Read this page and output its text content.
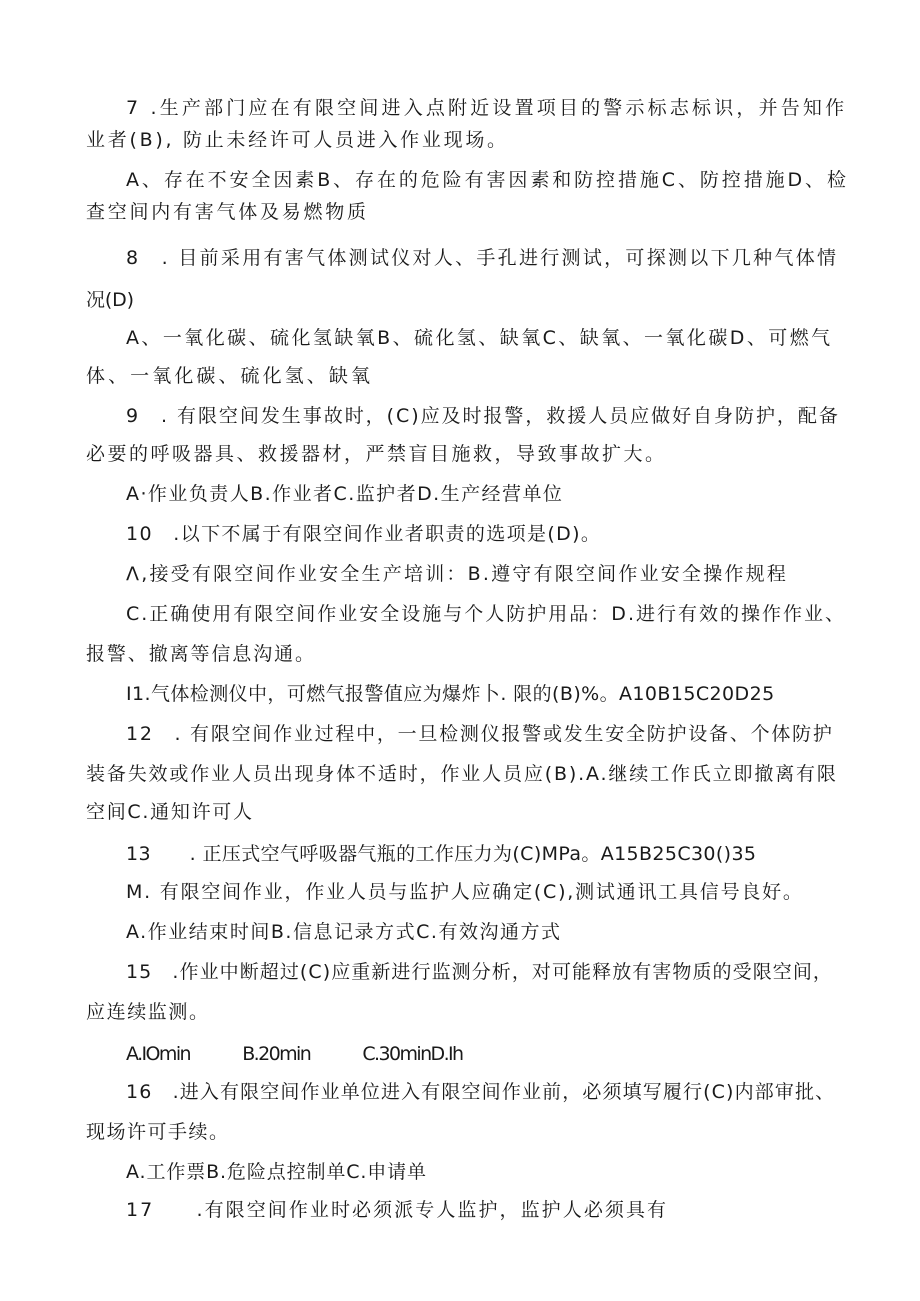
7 .生产部门应在有限空间进入点附近设置项目的警示标志标识，并告知作
业者(B), 防止未经许可人员进入作业现场。
A、存在不安全因素B、存在的危险有害因素和防控措施C、防控措施D、检
查空间内有害气体及易燃物质
8　. 目前采用有害气体测试仪对人、手孔进行测试，可探测以下几种气体情
况(D)
A、一氧化碳、硫化氢缺氧B、硫化氢、缺氧C、缺氧、一氧化碳D、可燃气
体、一氧化碳、硫化氢、缺氧
9　. 有限空间发生事故时，(C)应及时报警，救援人员应做好自身防护，配备
必要的呼吸器具、救援器材，严禁盲目施救，导致事故扩大。
A·作业负责人B.作业者C.监护者D.生产经营单位
10　.以下不属于有限空间作业者职责的选项是(D)。
Λ,接受有限空间作业安全生产培训：B.遵守有限空间作业安全操作规程
C.正确使用有限空间作业安全设施与个人防护用品：D.进行有效的操作作业、
报警、撤离等信息沟通。
I1.气体检测仪中，可燃气报警值应为爆炸卜. 限的(B)%。A10B15C20D25
12　. 有限空间作业过程中，一旦检测仪报警或发生安全防护设备、个体防护
装备失效或作业人员出现身体不适时，作业人员应(B).A.继续工作氏立即撤离有限
空间C.通知许可人
13　　. 正压式空气呼吸器气瓶的工作压力为(C)MPa。A15B25C30()35
M. 有限空间作业，作业人员与监护人应确定(C),测试通讯工具信号良好。
A.作业结束时间B.信息记录方式C.有效沟通方式
15　.作业中断超过(C)应重新进行监测分析，对可能释放有害物质的受限空间，
应连续监测。
A.IOmin　　　B.20min　　　C.30minD.Ih
16　.进入有限空间作业单位进入有限空间作业前，必须填写履行(C)内部审批、
现场许可手续。
A.工作票B.危险点控制单C.申请单
17　　.有限空间作业时必须派专人监护，监护人必须具有
